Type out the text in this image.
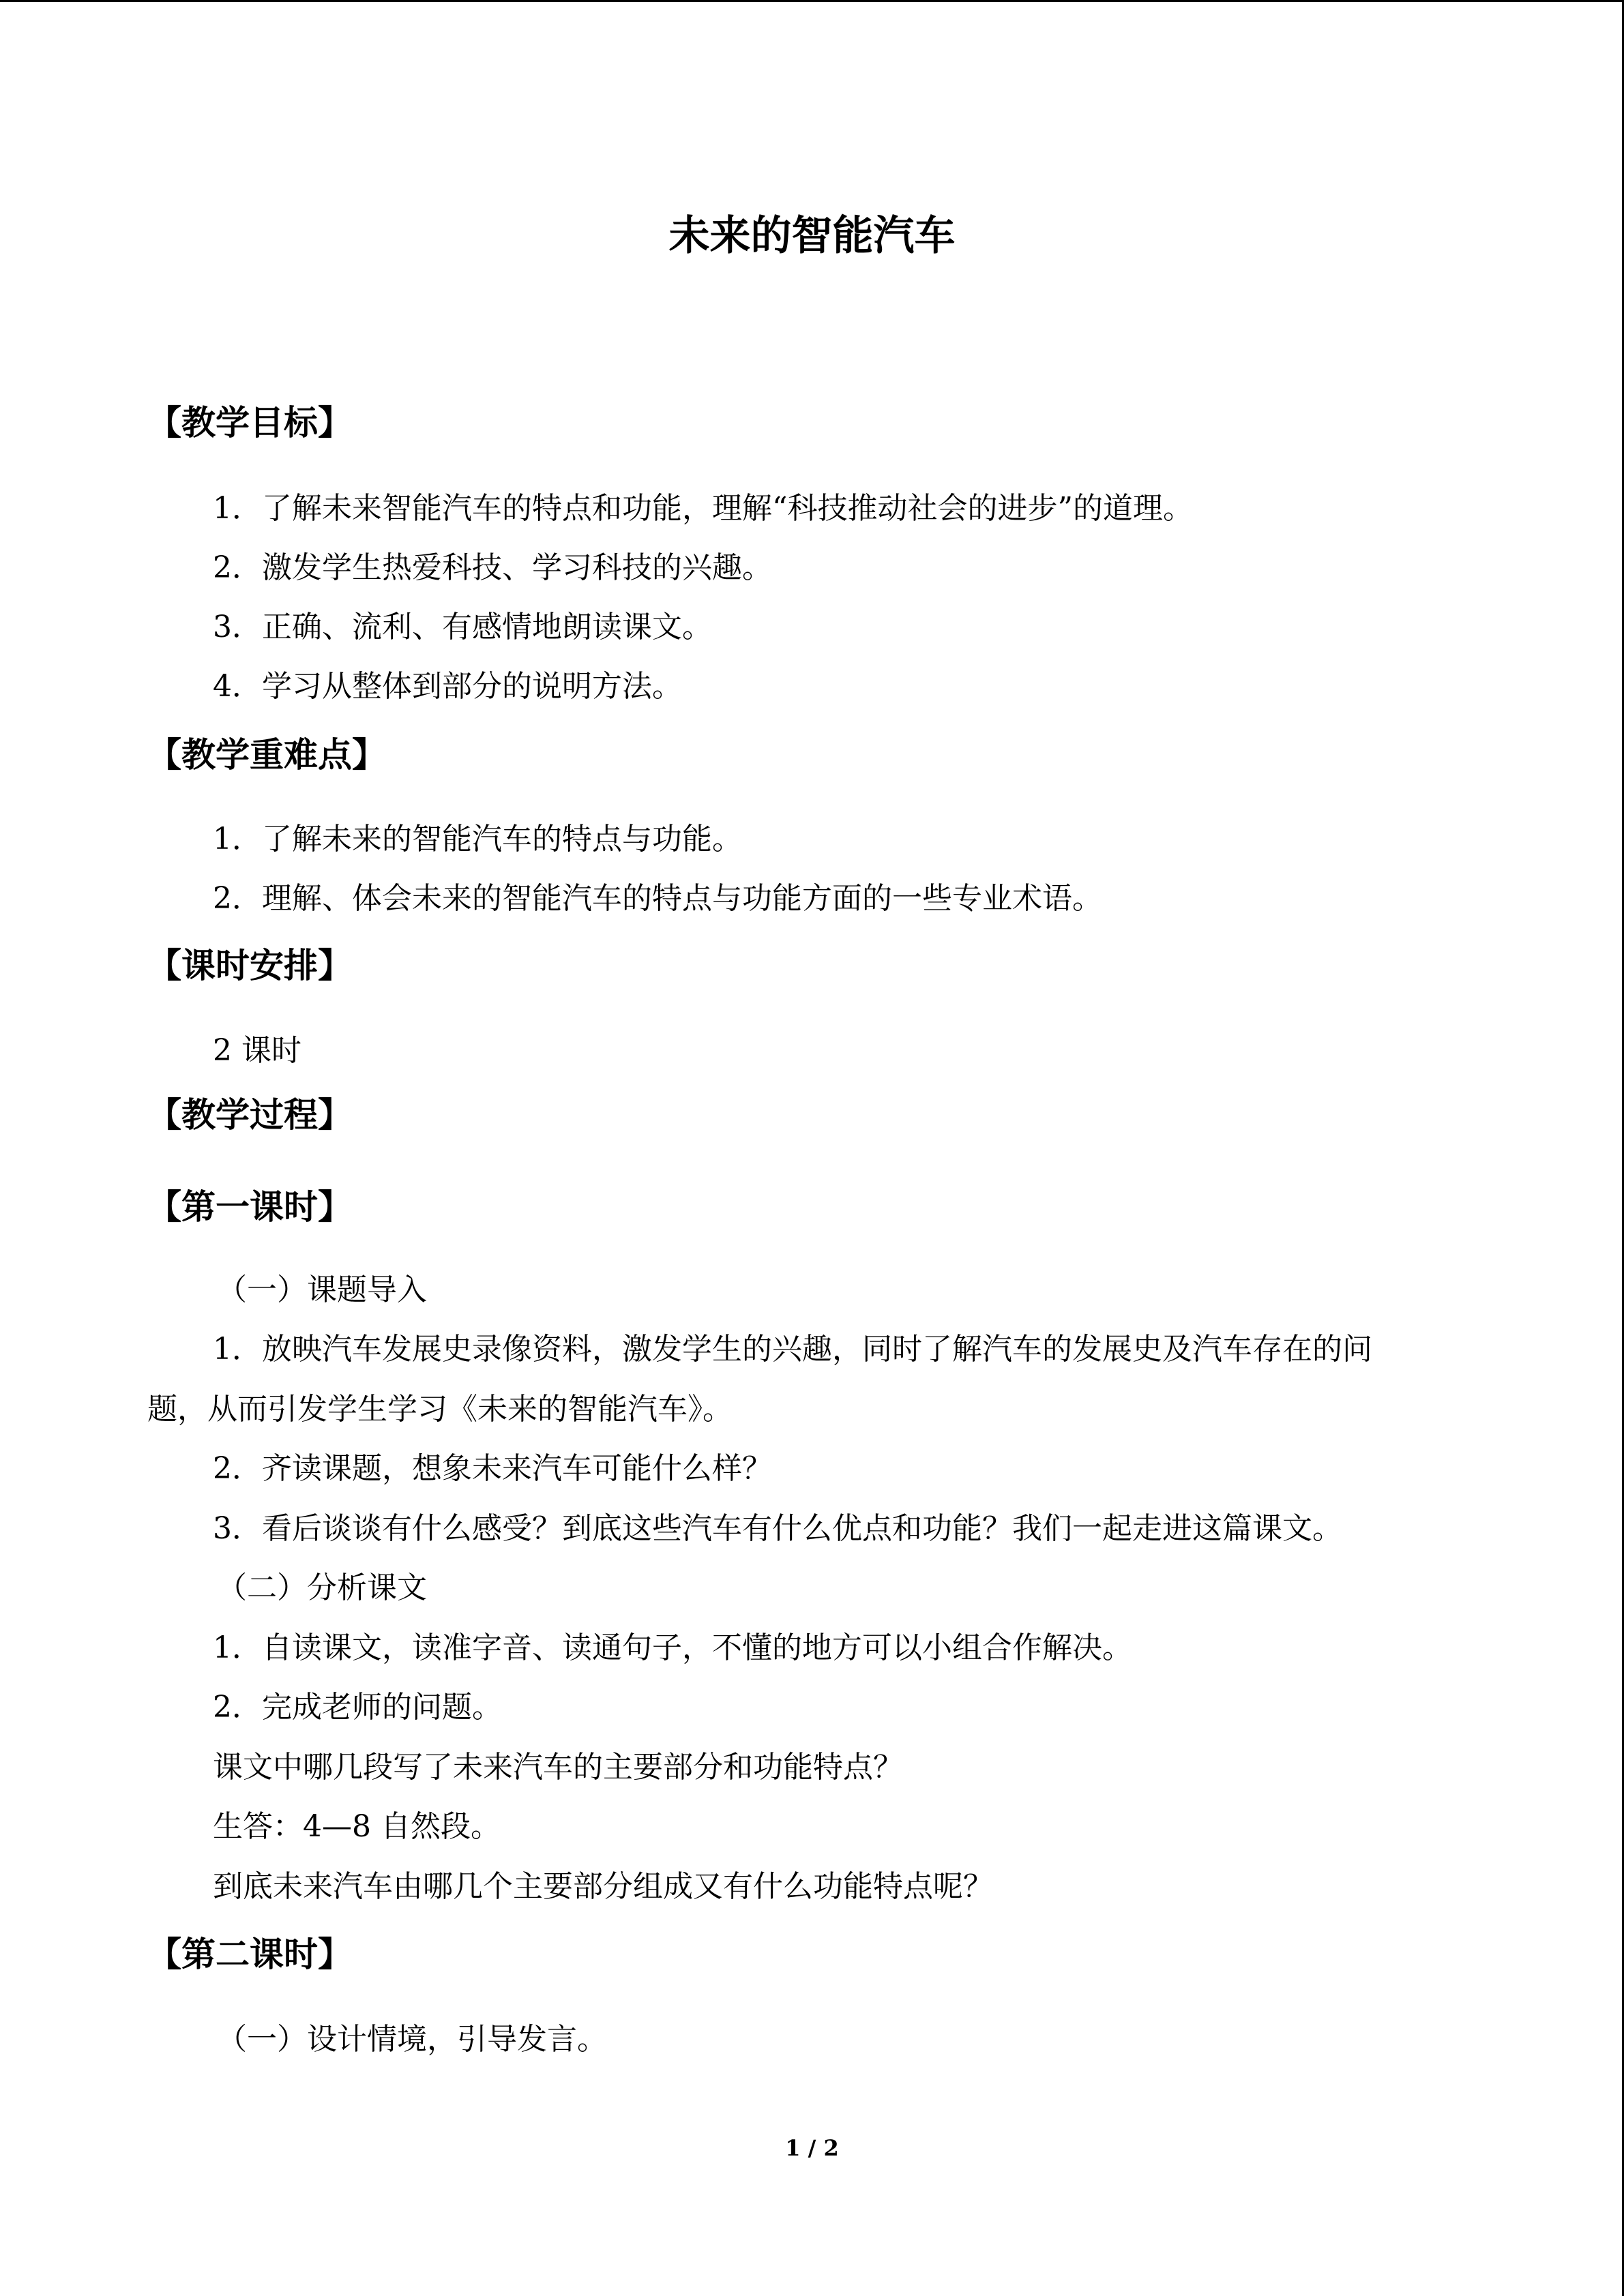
未来的智能汽车
【教学目标】
1．了解未来智能汽车的特点和功能，理解“科技推动社会的进步”的道理。
2．激发学生热爱科技、学习科技的兴趣。
3．正确、流利、有感情地朗读课文。
4．学习从整体到部分的说明方法。
【教学重难点】
1．了解未来的智能汽车的特点与功能。
2．理解、体会未来的智能汽车的特点与功能方面的一些专业术语。
【课时安排】
2 课时
【教学过程】
【第一课时】
（一）课题导入
1．放映汽车发展史录像资料，激发学生的兴趣，同时了解汽车的发展史及汽车存在的问
题，从而引发学生学习《未来的智能汽车》。
2．齐读课题，想象未来汽车可能什么样？
3．看后谈谈有什么感受？到底这些汽车有什么优点和功能？我们一起走进这篇课文。
（二）分析课文
1．自读课文，读准字音、读通句子，不懂的地方可以小组合作解决。
2．完成老师的问题。
课文中哪几段写了未来汽车的主要部分和功能特点？
生答：4—8 自然段。
到底未来汽车由哪几个主要部分组成又有什么功能特点呢？
【第二课时】
（一）设计情境，引导发言。
1 / 2
